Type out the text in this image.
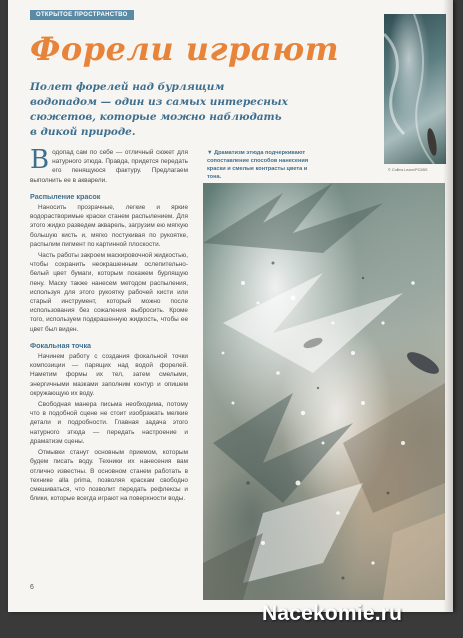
ОТКРЫТОЕ ПРОСТРАНСТВО
Форели играют

Полет форелей над бурлящим водопадом — один из самых интересных сюжетов, которые можно наблюдать в дикой природе.

Водопад сам по себе — отличный сюжет для натурного этюда. Правда, придется передать его пенящуюся фактуру. Предлагаем выполнить ее в акварели.

Распыление красок

Наносить прозрачные, легкие и яркие водорастворимые краски станем распылением. Для этого жидко разведем акварель, загрузим ею мягкую большую кисть и, мягко постукивая по рукоятке, распылим пигмент по картинной плоскости.

Часть работы закроем маскировочной жидкостью, чтобы сохранить неокрашенным ослепительно-белый цвет бумаги, которым покажем бурлящую пену. Маску также нанесем методом распыления, используя для этого рукоятку рабочей кисти или старый инструмент, который можно после использования без сожаления выбросить. Кроме того, используем подкрашенную жидкость, чтобы ее цвет был виден.

Фокальная точка

Начинем работу с создания фокальной точки композиции — парящих над водой форелей. Наметим формы их тел, затем смелыми, энергичными мазками заполним контур и опишем окружающую их воду.

Свободная манера письма необходима, потому что в подобной сцене не стоит изображать мелкие детали и подробности. Главная задача этого натурного этюда — передать настроение и драматизм сцены.

Отмывки станут основным приемом, которым будем писать воду. Техники их нанесения вам отлично известны. В основном станем работать в технике alla prima, позволяя краскам свободно смешиваться, что позволит передать рефлексы и блики, которые всегда играют на поверхности воды.

© Collins Learn/PCIIBS
▼ Драматизм этюда подчеркивают сопоставление способов нанесения краски и смелые контрасты цвета и тона.
6
Nacekomie.ru
